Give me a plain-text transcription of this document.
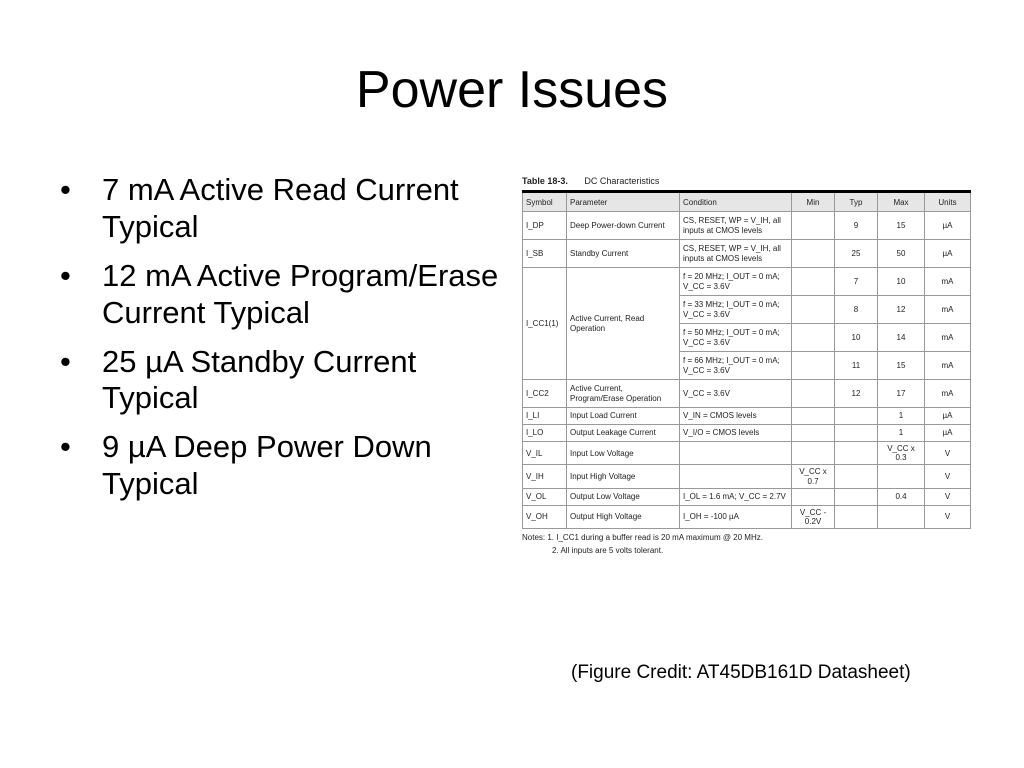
Power Issues
• 7 mA Active Read Current Typical
• 12 mA Active Program/Erase Current Typical
• 25 µA Standby Current Typical
• 9 µA Deep Power Down Typical
Table 18-3. DC Characteristics
Symbol	Parameter	Condition	Min	Typ	Max	Units
I_DP	Deep Power-down Current	CS, RESET, WP = V_IH, all inputs at CMOS levels		9	15	µA
I_SB	Standby Current	CS, RESET, WP = V_IH, all inputs at CMOS levels		25	50	µA
I_CC1(1)	Active Current, Read Operation	f = 20 MHz; I_OUT = 0 mA; V_CC = 3.6V		7	10	mA
		f = 33 MHz; I_OUT = 0 mA; V_CC = 3.6V		8	12	mA
		f = 50 MHz; I_OUT = 0 mA; V_CC = 3.6V		10	14	mA
		f = 66 MHz; I_OUT = 0 mA; V_CC = 3.6V		11	15	mA
I_CC2	Active Current, Program/Erase Operation	V_CC = 3.6V		12	17	mA
I_LI	Input Load Current	V_IN = CMOS levels			1	µA
I_LO	Output Leakage Current	V_I/O = CMOS levels			1	µA
V_IL	Input Low Voltage				V_CC x 0.3	V
V_IH	Input High Voltage		V_CC x 0.7			V
V_OL	Output Low Voltage	I_OL = 1.6 mA; V_CC = 2.7V			0.4	V
V_OH	Output High Voltage	I_OH = -100 µA	V_CC - 0.2V			V
Notes: 1. I_CC1 during a buffer read is 20 mA maximum @ 20 MHz.
2. All inputs are 5 volts tolerant.
(Figure Credit: AT45DB161D Datasheet)
